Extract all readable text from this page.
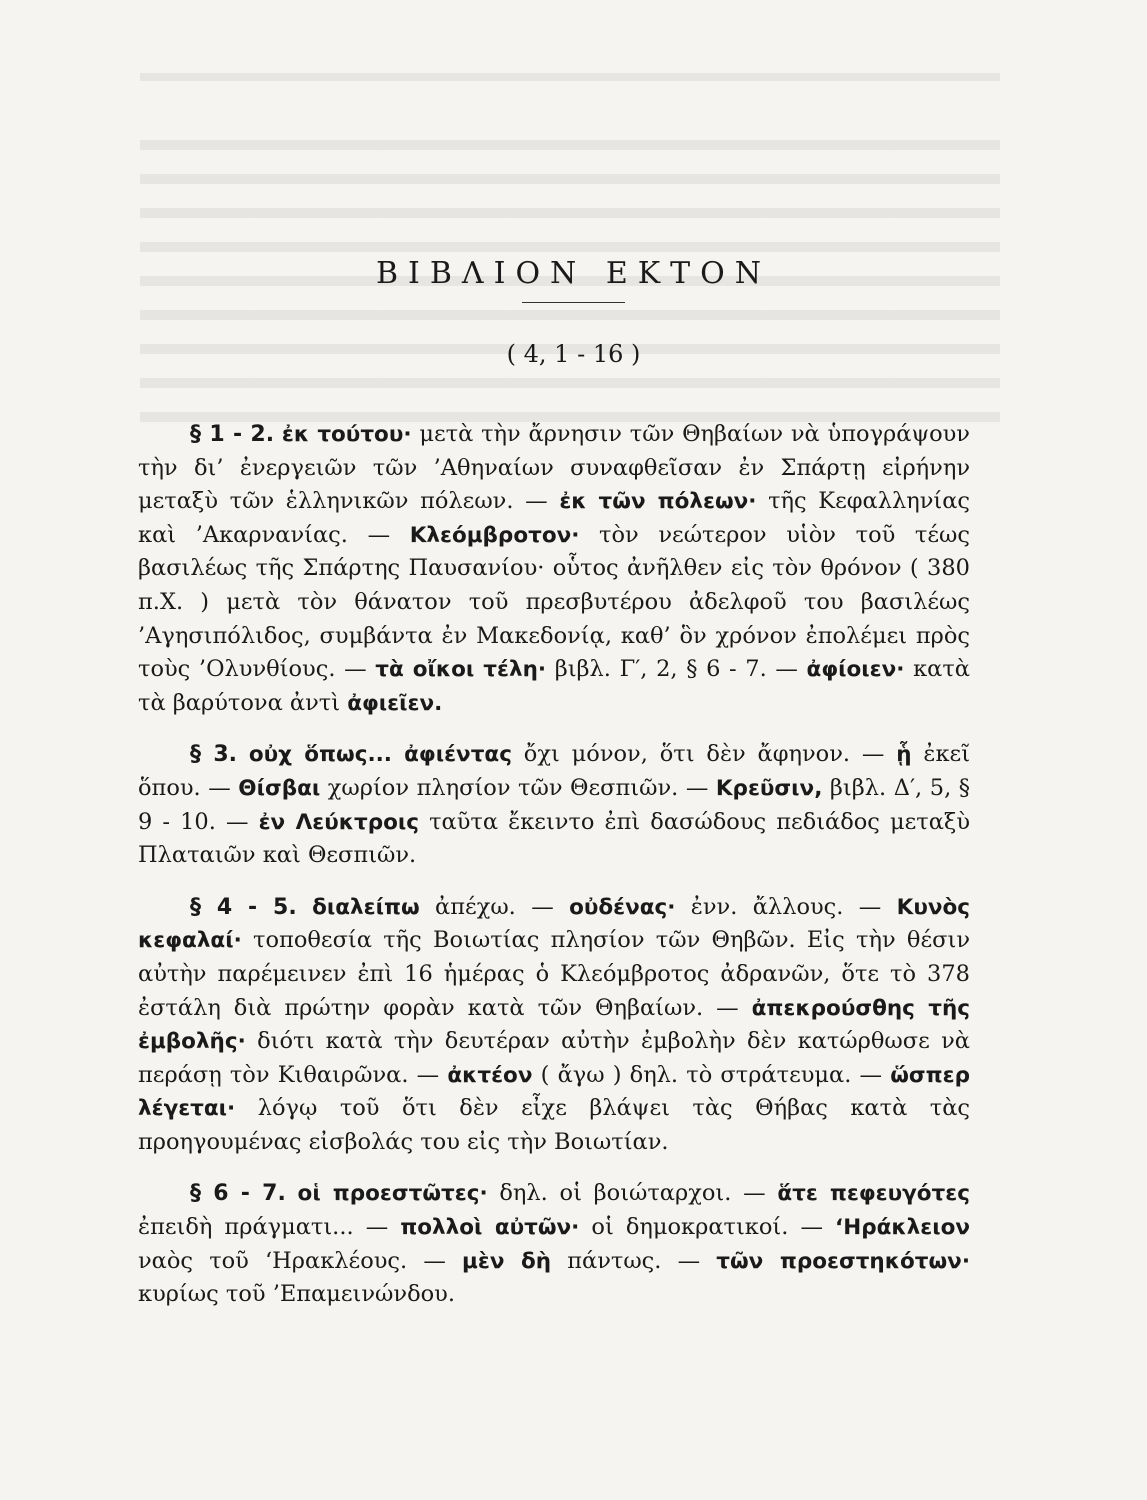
ΒΙΒΛΙΟΝ ΕΚΤΟΝ
( 4, 1 - 16 )

§ 1 - 2. ἐκ τούτου· μετὰ τὴν ἄρνησιν τῶν Θηβαίων νὰ ὑπογράψουν τὴν δι’ ἐνεργειῶν τῶν ’Αθηναίων συναφθεῖσαν ἐν Σπάρτῃ εἰρήνην μεταξὺ τῶν ἑλληνικῶν πόλεων. — ἐκ τῶν πόλεων· τῆς Κεφαλληνίας καὶ ’Ακαρνανίας. — Κλεόμβροτον· τὸν νεώτερον υἱὸν τοῦ τέως βασιλέως τῆς Σπάρτης Παυσανίου· οὗτος ἀνῆλθεν εἰς τὸν θρόνον ( 380 π.Χ. ) μετὰ τὸν θάνατον τοῦ πρεσβυτέρου ἀδελφοῦ του βασιλέως ’Αγησιπόλιδος, συμβάντα ἐν Μακεδονίᾳ, καθ’ ὃν χρόνον ἐπολέμει πρὸς τοὺς ’Ολυνθίους. — τὰ οἴκοι τέλη· βιβλ. Γ′, 2, § 6 - 7. — ἀφίοιεν· κατὰ τὰ βαρύτονα ἀντὶ ἀφιεῖεν.

§ 3. οὐχ ὅπως... ἀφιέντας ὄχι μόνον, ὅτι δὲν ἄφηνον. — ᾗ ἐκεῖ ὅπου. — Θίσβαι χωρίον πλησίον τῶν Θεσπιῶν. — Κρεῦσιν, βιβλ. Δ′, 5, § 9 - 10. — ἐν Λεύκτροις ταῦτα ἔκειντο ἐπὶ δασώδους πεδιάδος μεταξὺ Πλαταιῶν καὶ Θεσπιῶν.

§ 4 - 5. διαλείπω ἀπέχω. — οὐδένας· ἐνν. ἄλλους. — Κυνὸς κεφαλαί· τοποθεσία τῆς Βοιωτίας πλησίον τῶν Θηβῶν. Εἰς τὴν θέσιν αὐτὴν παρέμεινεν ἐπὶ 16 ἡμέρας ὁ Κλεόμβροτος ἀδρανῶν, ὅτε τὸ 378 ἐστάλη διὰ πρώτην φορὰν κατὰ τῶν Θηβαίων. — ἀπεκρούσθης τῆς ἐμβολῆς· διότι κατὰ τὴν δευτέραν αὐτὴν ἐμβολὴν δὲν κατώρθωσε νὰ περάσῃ τὸν Κιθαιρῶνα. — ἀκτέον ( ἄγω ) δηλ. τὸ στράτευμα. — ὥσπερ λέγεται· λόγῳ τοῦ ὅτι δὲν εἶχε βλάψει τὰς Θήβας κατὰ τὰς προηγουμένας εἰσβολάς του εἰς τὴν Βοιωτίαν.

§ 6 - 7. οἱ προεστῶτες· δηλ. οἱ βοιώταρχοι. — ἅτε πεφευγότες ἐπειδὴ πράγματι... — πολλοὶ αὐτῶν· οἱ δημοκρατικοί. — ‘Ηράκλειον ναὸς τοῦ ‘Ηρακλέους. — μὲν δὴ πάντως. — τῶν προεστηκότων· κυρίως τοῦ ’Επαμεινώνδου.
